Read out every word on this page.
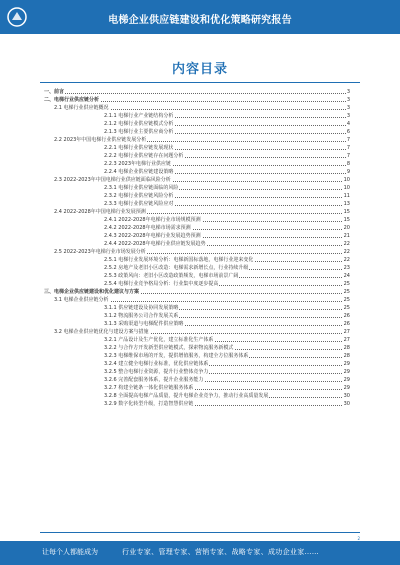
电梯企业供应链建设和优化策略研究报告
内容目录
一、前言	3
二、电梯行业供应链分析	3
2.1 电梯行业供应链概况	3
2.1.1 电梯行业产业链结构分析	3
2.1.2 电梯行业供应链模式分析	4
2.1.3 电梯行业主要供应商分析	6
2.2 2023年中国电梯行业供应链发展分析	7
2.2.1 电梯行业供应链发展现状	7
2.2.2 电梯行业供应链存在问题分析	7
2.2.3 2023年电梯行业供应链	8
2.2.4 电梯企业供应链建设策略	9
2.3 2022-2023年中国电梯行业供应链面临风险分析	10
2.3.1 电梯行业供应链面临的风险	10
2.3.2 电梯行业供应链风险分析	11
2.3.3 电梯行业供应链风险应对	13
2.4 2022-2028年中国电梯行业发展预测	15
2.4.1 2022-2028年电梯行业市场规模预测	15
2.4.2 2022-2028年电梯市场需求预测	20
2.4.3 2022-2028年电梯行业发展趋势预测	21
2.4.4 2022-2028年电梯行业供应链发展趋势	22
2.5 2022-2023年电梯行业市场发展分析	22
2.5.1 电梯行业发展环境分析：电梯新国标落地，电梯行业迎来变化	22
2.5.2 房地产及老旧小区改造：电梯需求新增长点，行业持续升级	23
2.5.3 政策风向：老旧小区改造政策频发，电梯市场前景广阔	24
2.5.4 电梯行业竞争格局分析：行业集中度逐步提高	25
三、电梯企业供应链建设和优化建议与方案	25
3.1 电梯企业供应链分析	25
3.1.1 供应链建设及协同发展策略	25
3.1.2 物流服务公司合作发展关系	26
3.1.3 采购渠道与电梯配件供应策略	26
3.2 电梯企业供应链优化与建设方案与措施	27
3.2.1 产品设计及生产优化，建立标准化生产体系	27
3.2.2 与合作方开发新型供应链模式，探索物流服务新模式	28
3.2.3 电梯维保市场的开发，提供增值服务，构建全方位服务体系	28
3.2.4 建立健全电梯行业标准，优化供应链体系	29
3.2.5 整合电梯行业资源，提升行业整体竞争力	29
3.2.6 完善配套服务体系，提升企业服务能力	29
3.2.7 构建全链条一体化供应链服务体系	29
3.2.8 全面提高电梯产品质量，提升电梯企业竞争力，推动行业高质量发展	30
3.2.9 数字化转型升级，打造智慧供应链	30
2
让每个人都能成为	行业专家、管理专家、营销专家、战略专家、成功企业家……
